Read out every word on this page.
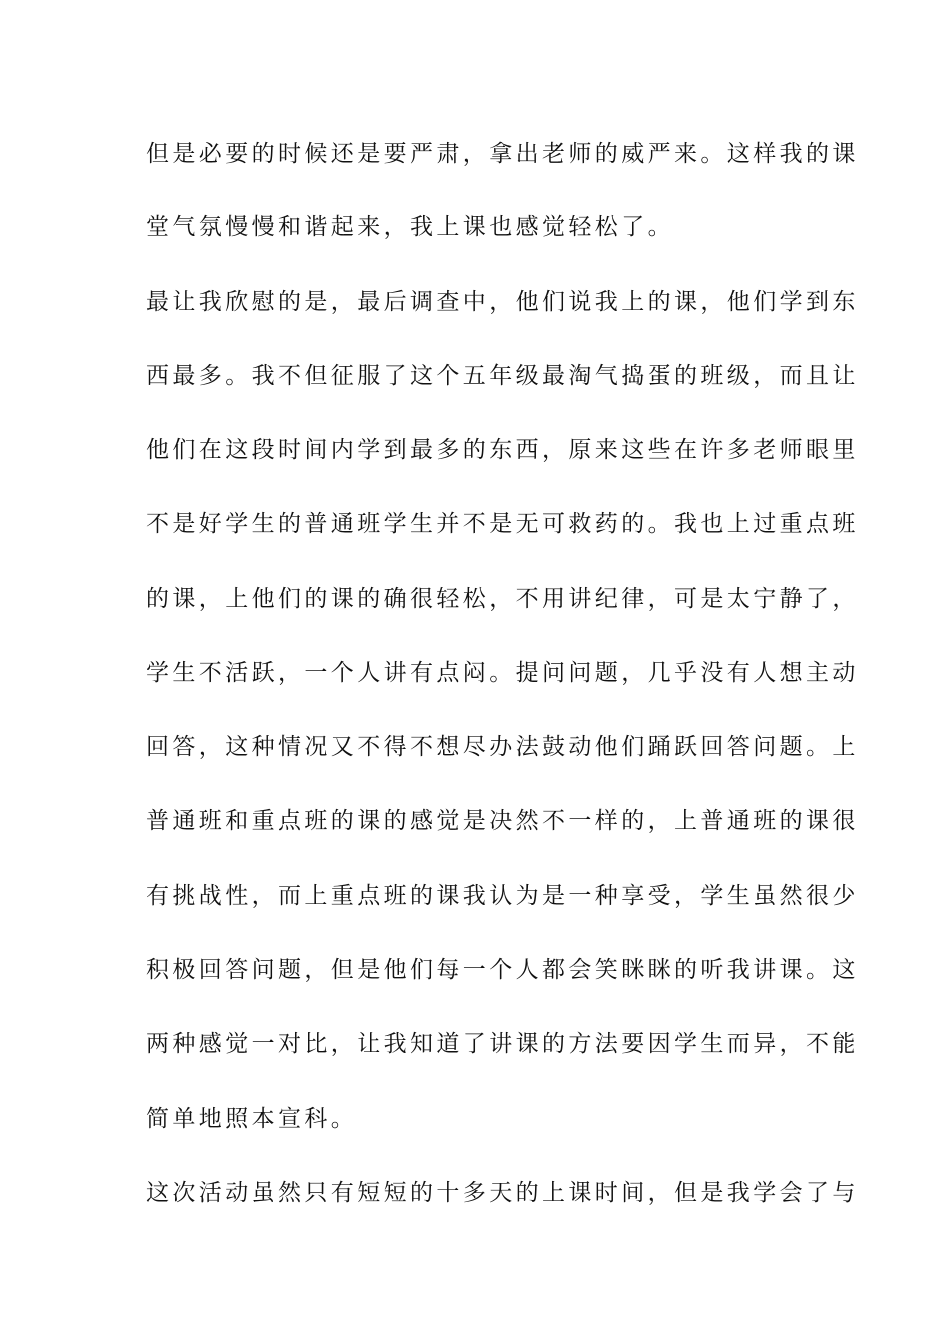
但是必要的时候还是要严肃，拿出老师的威严来。这样我的课
堂气氛慢慢和谐起来，我上课也感觉轻松了。
最让我欣慰的是，最后调查中，他们说我上的课，他们学到东
西最多。我不但征服了这个五年级最淘气捣蛋的班级，而且让
他们在这段时间内学到最多的东西，原来这些在许多老师眼里
不是好学生的普通班学生并不是无可救药的。我也上过重点班
的课，上他们的课的确很轻松，不用讲纪律，可是太宁静了，
学生不活跃，一个人讲有点闷。提问问题，几乎没有人想主动
回答，这种情况又不得不想尽办法鼓动他们踊跃回答问题。上
普通班和重点班的课的感觉是决然不一样的，上普通班的课很
有挑战性，而上重点班的课我认为是一种享受，学生虽然很少
积极回答问题，但是他们每一个人都会笑眯眯的听我讲课。这
两种感觉一对比，让我知道了讲课的方法要因学生而异，不能
简单地照本宣科。
这次活动虽然只有短短的十多天的上课时间，但是我学会了与
